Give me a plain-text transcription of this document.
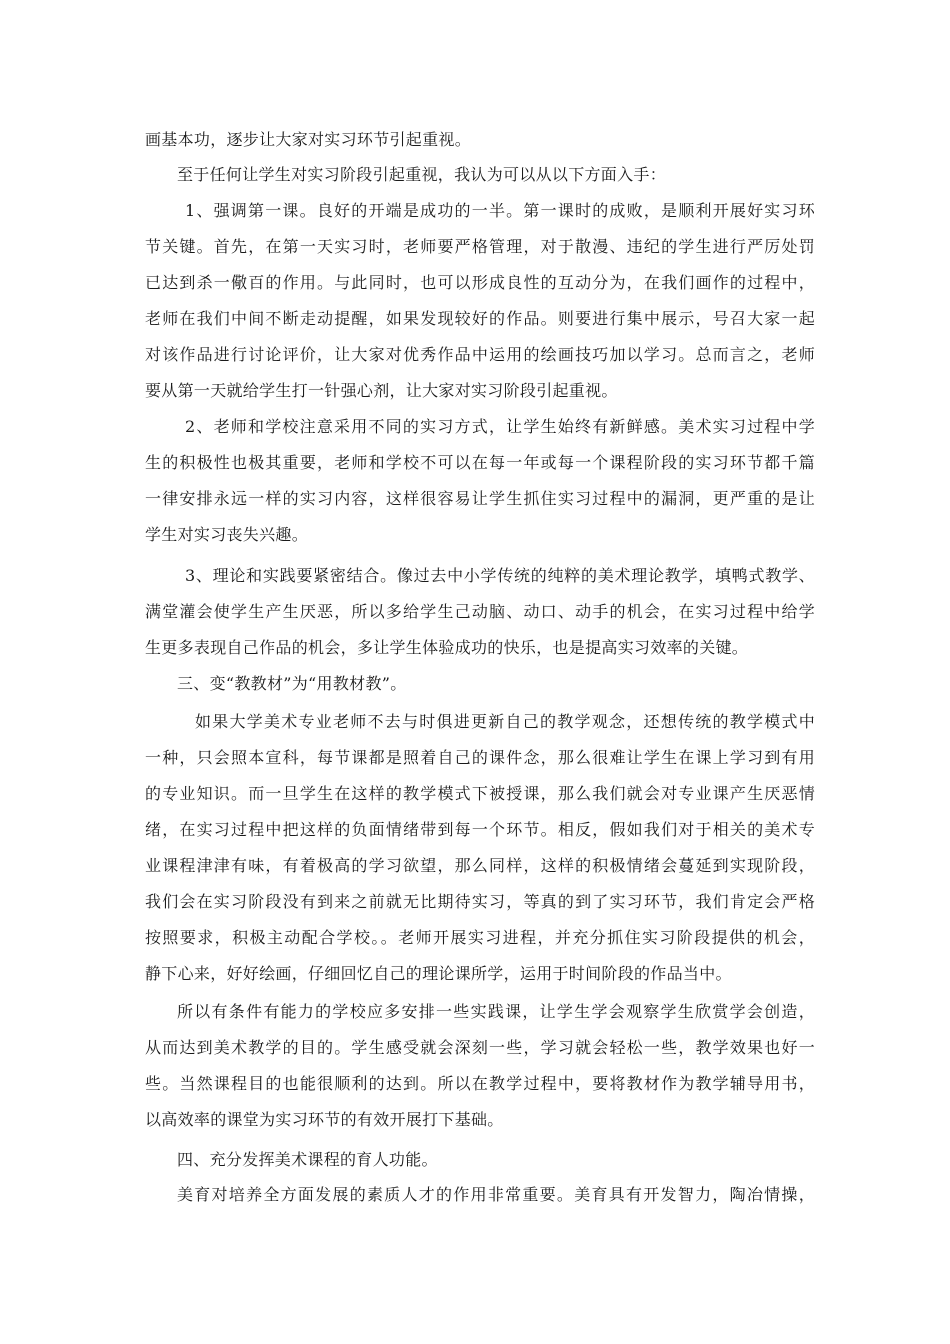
画基本功，逐步让大家对实习环节引起重视。
至于任何让学生对实习阶段引起重视，我认为可以从以下方面入手：
1、强调第一课。良好的开端是成功的一半。第一课时的成败，是顺利开展好实习环
节关键。首先，在第一天实习时，老师要严格管理，对于散漫、违纪的学生进行严厉处罚
已达到杀一儆百的作用。与此同时，也可以形成良性的互动分为，在我们画作的过程中，
老师在我们中间不断走动提醒，如果发现较好的作品。则要进行集中展示，号召大家一起
对该作品进行讨论评价，让大家对优秀作品中运用的绘画技巧加以学习。总而言之，老师
要从第一天就给学生打一针强心剂，让大家对实习阶段引起重视。
2、老师和学校注意采用不同的实习方式，让学生始终有新鲜感。美术实习过程中学
生的积极性也极其重要，老师和学校不可以在每一年或每一个课程阶段的实习环节都千篇
一律安排永远一样的实习内容，这样很容易让学生抓住实习过程中的漏洞，更严重的是让
学生对实习丧失兴趣。
3、理论和实践要紧密结合。像过去中小学传统的纯粹的美术理论教学，填鸭式教学、
满堂灌会使学生产生厌恶，所以多给学生己动脑、动口、动手的机会，在实习过程中给学
生更多表现自己作品的机会，多让学生体验成功的快乐，也是提高实习效率的关键。
三、变“教教材”为“用教材教”。
如果大学美术专业老师不去与时俱进更新自己的教学观念，还想传统的教学模式中
一种，只会照本宣科，每节课都是照着自己的课件念，那么很难让学生在课上学习到有用
的专业知识。而一旦学生在这样的教学模式下被授课，那么我们就会对专业课产生厌恶情
绪，在实习过程中把这样的负面情绪带到每一个环节。相反，假如我们对于相关的美术专
业课程津津有味，有着极高的学习欲望，那么同样，这样的积极情绪会蔓延到实现阶段，
我们会在实习阶段没有到来之前就无比期待实习，等真的到了实习环节，我们肯定会严格
按照要求，积极主动配合学校。。老师开展实习进程，并充分抓住实习阶段提供的机会，
静下心来，好好绘画，仔细回忆自己的理论课所学，运用于时间阶段的作品当中。
所以有条件有能力的学校应多安排一些实践课，让学生学会观察学生欣赏学会创造，
从而达到美术教学的目的。学生感受就会深刻一些，学习就会轻松一些，教学效果也好一
些。当然课程目的也能很顺利的达到。所以在教学过程中，要将教材作为教学辅导用书，
以高效率的课堂为实习环节的有效开展打下基础。
四、充分发挥美术课程的育人功能。
美育对培养全方面发展的素质人才的作用非常重要。美育具有开发智力，陶冶情操，
